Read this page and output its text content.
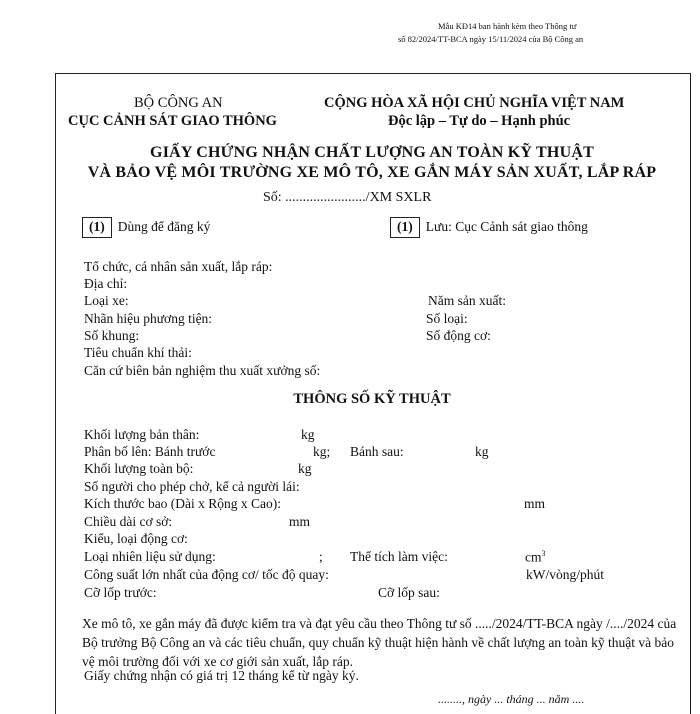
Mẫu KĐ14 ban hành kèm theo Thông tư
số 82/2024/TT-BCA ngày 15/11/2024 của Bộ Công an
BỘ CÔNG AN
CỤC CẢNH SÁT GIAO THÔNG
CỘNG HÒA XÃ HỘI CHỦ NGHĨA VIỆT NAM
Độc lập – Tự do – Hạnh phúc
GIẤY CHỨNG NHẬN CHẤT LƯỢNG AN TOÀN KỸ THUẬT
VÀ BẢO VỆ MÔI TRƯỜNG XE MÔ TÔ, XE GẮN MÁY SẢN XUẤT, LẮP RÁP
Số: ......................./XM SXLR
(1) Dùng để đăng ký	(1) Lưu: Cục Cảnh sát giao thông
Tổ chức, cá nhân sản xuất, lắp ráp:
Địa chỉ:
Loại xe:	Năm sản xuất:
Nhãn hiệu phương tiện:	Số loại:
Số khung:	Số động cơ:
Tiêu chuẩn khí thải:
Căn cứ biên bản nghiệm thu xuất xưởng số:
THÔNG SỐ KỸ THUẬT
Khối lượng bản thân:	kg
Phân bố lên: Bánh trước	kg; Bánh sau:	kg
Khối lượng toàn bộ:	kg
Số người cho phép chở, kể cả người lái:
Kích thước bao (Dài x Rộng x Cao):	mm
Chiều dài cơ sở:	mm
Kiểu, loại động cơ:
Loại nhiên liệu sử dụng:	; Thể tích làm việc:	$cm^3$
Công suất lớn nhất của động cơ/ tốc độ quay:	kW/vòng/phút
Cỡ lốp trước:	Cỡ lốp sau:
Xe mô tô, xe gắn máy đã được kiểm tra và đạt yêu cầu theo Thông tư số ...../2024/TT-BCA ngày /..../2024 của Bộ trưởng Bộ Công an và các tiêu chuẩn, quy chuẩn kỹ thuật hiện hành về chất lượng an toàn kỹ thuật và bảo vệ môi trường đối với xe cơ giới sản xuất, lắp ráp.
Giấy chứng nhận có giá trị 12 tháng kể từ ngày ký.
........, ngày ... tháng ... năm ....
